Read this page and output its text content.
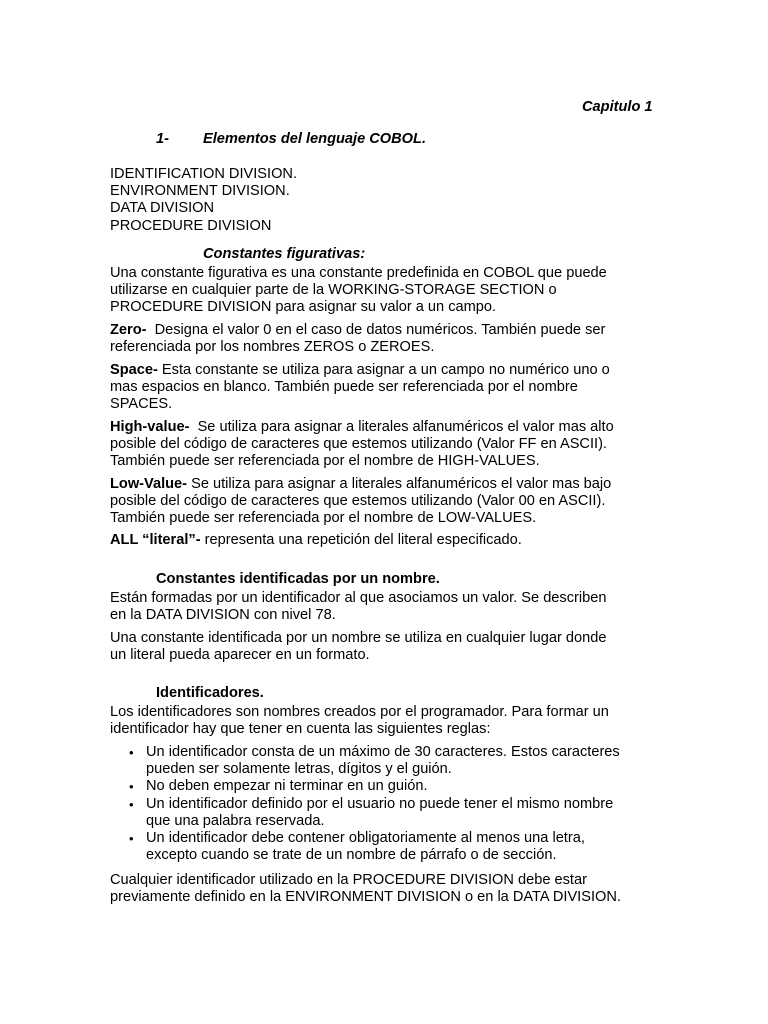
Capitulo 1
1- Elementos del lenguaje COBOL.
IDENTIFICATION DIVISION.
ENVIRONMENT DIVISION.
DATA DIVISION
PROCEDURE DIVISION
Constantes figurativas:
Una constante figurativa es una constante predefinida en COBOL que puede
utilizarse en cualquier parte de la WORKING-STORAGE SECTION o
PROCEDURE DIVISION para asignar su valor a un campo.
Zero- Designa el valor 0 en el caso de datos numéricos. También puede ser
referenciada por los nombres ZEROS o ZEROES.
Space- Esta constante se utiliza para asignar a un campo no numérico uno o
mas espacios en blanco. También puede ser referenciada por el nombre
SPACES.
High-value- Se utiliza para asignar a literales alfanuméricos el valor mas alto
posible del código de caracteres que estemos utilizando (Valor FF en ASCII).
También puede ser referenciada por el nombre de HIGH-VALUES.
Low-Value- Se utiliza para asignar a literales alfanuméricos el valor mas bajo
posible del código de caracteres que estemos utilizando (Valor 00 en ASCII).
También puede ser referenciada por el nombre de LOW-VALUES.
ALL “literal”- representa una repetición del literal especificado.
Constantes identificadas por un nombre.
Están formadas por un identificador al que asociamos un valor. Se describen
en la DATA DIVISION con nivel 78.
Una constante identificada por un nombre se utiliza en cualquier lugar donde
un literal pueda aparecer en un formato.
Identificadores.
Los identificadores son nombres creados por el programador. Para formar un
identificador hay que tener en cuenta las siguientes reglas:
• Un identificador consta de un máximo de 30 caracteres. Estos caracteres
pueden ser solamente letras, dígitos y el guión.
• No deben empezar ni terminar en un guión.
• Un identificador definido por el usuario no puede tener el mismo nombre
que una palabra reservada.
• Un identificador debe contener obligatoriamente al menos una letra,
excepto cuando se trate de un nombre de párrafo o de sección.
Cualquier identificador utilizado en la PROCEDURE DIVISION debe estar
previamente definido en la ENVIRONMENT DIVISION o en la DATA DIVISION.
